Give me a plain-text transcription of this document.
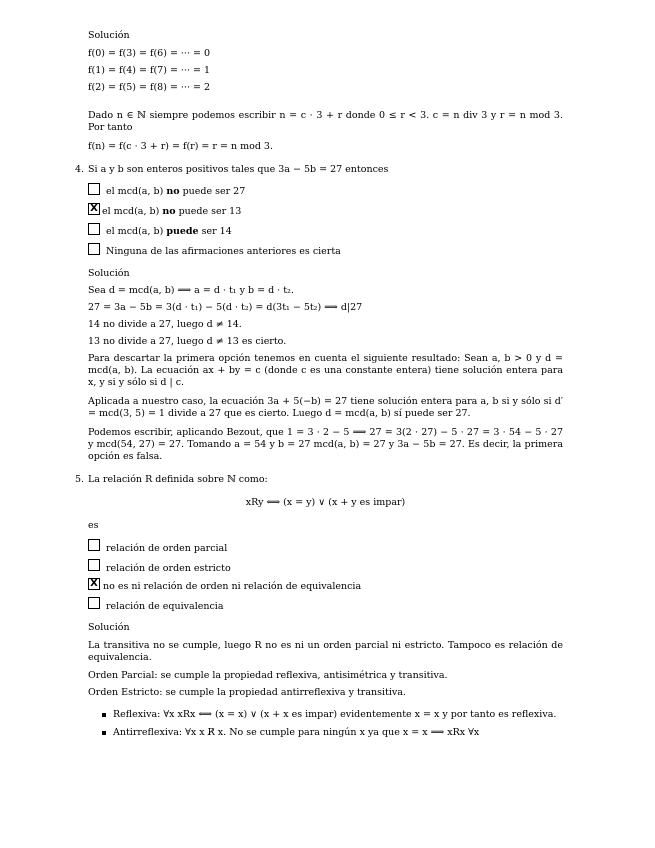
Solución
f(0) = f(3) = f(6) = ··· = 0
f(1) = f(4) = f(7) = ··· = 1
f(2) = f(5) = f(8) = ··· = 2
Dado n ∈ ℕ siempre podemos escribir n = c · 3 + r donde 0 ≤ r < 3. c = n div 3 y r = n mod 3. Por tanto
f(n) = f(c · 3 + r) = f(r) = r = n mod 3.
4. Si a y b son enteros positivos tales que 3a − 5b = 27 entonces
el mcd(a, b) no puede ser 27
X el mcd(a, b) no puede ser 13
el mcd(a, b) puede ser 14
Ninguna de las afirmaciones anteriores es cierta
Solución
Sea d = mcd(a, b) ⟹ a = d · t₁ y b = d · t₂.
27 = 3a − 5b = 3(d · t₁) − 5(d · t₂) = d(3t₁ − 5t₂) ⟹ d|27
14 no divide a 27, luego d ≠ 14.
13 no divide a 27, luego d ≠ 13 es cierto.
Para descartar la primera opción tenemos en cuenta el siguiente resultado: Sean a, b > 0 y d = mcd(a, b). La ecuación ax + by = c (donde c es una constante entera) tiene solución entera para x, y si y sólo si d | c.
Aplicada a nuestro caso, la ecuación 3a + 5(−b) = 27 tiene solución entera para a, b si y sólo si d′ = mcd(3, 5) = 1 divide a 27 que es cierto. Luego d = mcd(a, b) sí puede ser 27.
Podemos escribir, aplicando Bezout, que 1 = 3 · 2 − 5 ⟹ 27 = 3(2 · 27) − 5 · 27 = 3 · 54 − 5 · 27 y mcd(54, 27) = 27. Tomando a = 54 y b = 27 mcd(a, b) = 27 y 3a − 5b = 27. Es decir, la primera opción es falsa.
5. La relación R definida sobre ℕ como:
xRy ⟺ (x = y) ∨ (x + y es impar)
es
relación de orden parcial
relación de orden estricto
X no es ni relación de orden ni relación de equivalencia
relación de equivalencia
Solución
La transitiva no se cumple, luego R no es ni un orden parcial ni estricto. Tampoco es relación de equivalencia.
Orden Parcial: se cumple la propiedad reflexiva, antisimétrica y transitiva.
Orden Estricto: se cumple la propiedad antirreflexiva y transitiva.
Reflexiva: ∀x xRx ⟺ (x = x) ∨ (x + x es impar) evidentemente x = x y por tanto es reflexiva.
Antirreflexiva: ∀x x R̸ x. No se cumple para ningún x ya que x = x ⟹ xRx ∀x
